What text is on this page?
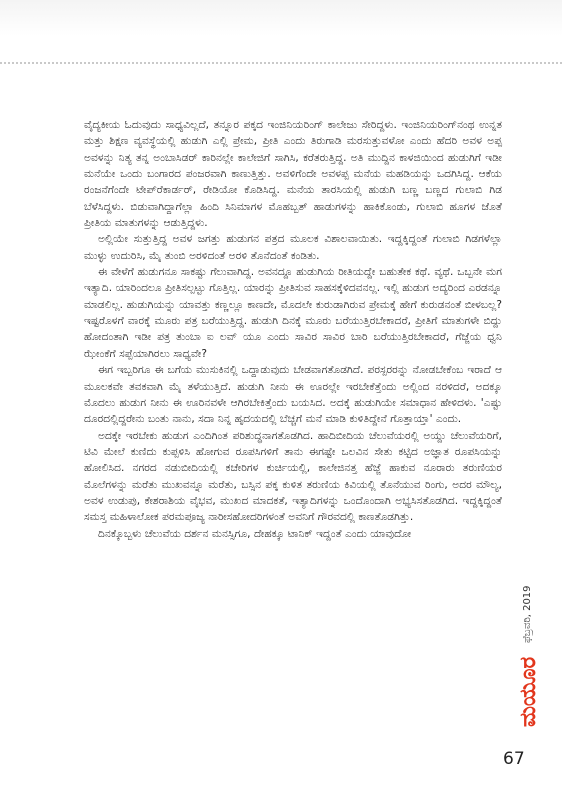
ವೈದ್ಯಕೀಯ ಓದುವುದು ಸಾಧ್ಯವಿಲ್ಲದೆ, ತನ್ನೂರ ಪಕ್ಕದ ಇಂಜಿನಿಯರಿಂಗ್ ಕಾಲೇಜು ಸೇರಿದ್ದಳು. ಇಂಜಿನಿಯರಿಂಗ್‌ನಂಥ ಉನ್ನತ ಮತ್ತು ಶಿಕ್ಷಣ ವ್ಯವಸ್ಥೆಯಲ್ಲಿ ಹುಡುಗಿ ಎಲ್ಲಿ ಪ್ರೇಮ, ಪ್ರೀತಿ ಎಂದು ತಿರುಗಾಡಿ ಮರಸುತ್ತುವಳೋ ಎಂದು ಹೆದರಿ ಅವಳ ಅಪ್ಪ ಅವಳನ್ನು ನಿತ್ಯ ತನ್ನ ಅಂಬಾಸಿಡರ್ ಕಾರಿನಲ್ಲೇ ಕಾಲೇಜಿಗೆ ಸಾಗಿಸಿ, ಕರೆತರುತ್ತಿದ್ದ. ಅತಿ ಮುದ್ದಿನ ಕಾಳಜಿಯಿಂದ ಹುಡುಗಿಗೆ ಇಡೀ ಮನೆಯೇ ಒಂದು ಬಂಗಾರದ ಪಂಜರವಾಗಿ ಕಾಣುತ್ತಿತ್ತು. ಅವಳಿಗೆಂದೇ ಅವಳಪ್ಪ ಮನೆಯ ಮಹಡಿಯನ್ನು ಒದಗಿಸಿದ್ದ. ಆಕೆಯ ರಂಜನೆಗೆಂದೇ ಟೇಪ್‌ರೆಕಾರ್ಡರ್, ರೇಡಿಯೋ ಕೊಡಿಸಿದ್ದ. ಮನೆಯ ತಾರಸಿಯಲ್ಲಿ ಹುಡುಗಿ ಬಣ್ಣ ಬಣ್ಣದ ಗುಲಾಬಿ ಗಿಡ ಬೆಳೆಸಿದ್ದಳು. ಬಿಡುವಾಗಿದ್ದಾಗೆಲ್ಲಾ ಹಿಂದಿ ಸಿನಿಮಾಗಳ ಮೊಹಬ್ಬತ್ ಹಾಡುಗಳನ್ನು ಹಾಕಿಕೊಂಡು, ಗುಲಾಬಿ ಹೂಗಳ ಜೊತೆ ಪ್ರೀತಿಯ ಮಾತುಗಳನ್ನು ಆಡುತ್ತಿದ್ದಳು.

ಅಲ್ಲಿಯೇ ಸುತ್ತುತ್ತಿದ್ದ ಅವಳ ಜಗತ್ತು ಹುಡುಗನ ಪತ್ರದ ಮೂಲಕ ವಿಶಾಲವಾಯಿತು. ಇದ್ದಕ್ಕಿದ್ದಂತೆ ಗುಲಾಬಿ ಗಿಡಗಳೆಲ್ಲಾ ಮುಳ್ಳು ಉದುರಿಸಿ, ಮೈ ತುಂಬಿ ಅರಳಿದಂತೆ ಅರಳಿ ತೊನೆದಂತೆ ಕಂಡಿತು.

ಈ ವೇಳೆಗೆ ಹುಡುಗನೂ ಸಾಕಷ್ಟು ಗೆಲುವಾಗಿದ್ದ. ಅವನದ್ದೂ ಹುಡುಗಿಯ ರೀತಿಯದ್ದೇ ಬಹುತೇಕ ಕಥೆ. ವ್ಯಥೆ. ಒಬ್ಬನೇ ಮಗ ಇತ್ಯಾದಿ. ಯಾರಿಂದಲೂ ಪ್ರೀತಿಸಲ್ಪಟ್ಟು ಗೊತ್ತಿಲ್ಲ. ಯಾರನ್ನು ಪ್ರೀತಿಸುವ ಸಾಹಸಕ್ಕೆಳಿದವನಲ್ಲ. ಇಲ್ಲಿ ಹುಡುಗ ಅದ್ಯರಿಂದ ಎರಡನ್ನೂ ಮಾಡಲಿಲ್ಲ. ಹುಡುಗಿಯನ್ನು ಯಾವತ್ತು ಕಣ್ಣಲ್ಲೂ ಕಾಣದೇ, ಮೊದಲೇ ಕುರುಡಾಗಿರುವ ಪ್ರೇಮಕ್ಕೆ ಹೇಗೆ ಕುರುಡನಂತೆ ಬೀಳಬಲ್ಲ? ಇಷ್ಟರೊಳಗೆ ವಾರಕ್ಕೆ ಮೂರು ಪತ್ರ ಬರೆಯುತ್ತಿದ್ದ. ಹುಡುಗಿ ದಿನಕ್ಕೆ ಮೂರು ಬರೆಯುತ್ತಿರಬೇಕಾದರೆ, ಪ್ರೀತಿಗೆ ಮಾತುಗಳೇ ಬಿದ್ದು ಹೋದಂತಾಗಿ ಇಡೀ ಪತ್ರ ತುಂಬಾ ಐ ಲವ್ ಯೂ ಎಂದು ಸಾವಿರ ಸಾವಿರ ಬಾರಿ ಬರೆಯುತ್ತಿರಬೇಕಾದರೆ, ಗೆಜ್ಜೆಯ ಧ್ವನಿ ಝೇಂಕೆಗೆ ಸಪ್ಪೆಯಾಗಿರಲು ಸಾಧ್ಯವೇ?

ಈಗ ಇಬ್ಬರಿಗೂ ಈ ಬಗೆಯ ಮುಸುಕಿನಲ್ಲಿ ಒದ್ದಾಡುವುದು ಬೇಡವಾಗತೊಡಗಿದೆ. ಪರಸ್ಪರರನ್ನು ನೋಡಬೇಕೆಂಬ ಇರಾದೆ ಆ ಮೂಲಕವೇ ತವಕವಾಗಿ ಮೈ ತಳೆಯುತ್ತಿದೆ. ಹುಡುಗಿ ನೀನು ಈ ಊರಲ್ಲೇ ಇರಬೇಕೆತ್ತೆಂದು ಅಲ್ಲಿಂದ ನರಳಿದರೆ, ಅದಕ್ಕೂ ಮೊದಲು ಹುಡುಗ ನೀನು ಈ ಊರಿನವಳೇ ಆಗಿರಬೇಕಿತ್ತೆಂದು ಬಯಸಿದ. ಅದಕ್ಕೆ ಹುಡುಗಿಯೇ ಸಮಾಧಾನ ಹೇಳಿದಳು. 'ಎಷ್ಟು ದೂರದಲ್ಲಿದ್ದರೇನು ಬಂತು ನಾನು, ಸದಾ ನಿನ್ನ ಹೃದಯದಲ್ಲಿ ಬೆಚ್ಚಗೆ ಮನೆ ಮಾಡಿ ಕುಳಿತಿದ್ದೇನೆ ಗೊತ್ತಾಯ್ತಾ' ಎಂದು.

ಅದಕ್ಕೇ ಇರಬೇಕು ಹುಡುಗ ಎಂದಿಗಿಂತ ಪರಿಶುದ್ಧನಾಗತೊಡಗಿದ. ಹಾದಿಬೀದಿಯ ಚೆಲುವೆಯರಲ್ಲಿ ಅಯ್ದು ಚೆಲುವೆಯರಿಗೆ, ಟಿವಿ ಮೇಲೆ ಕುಣಿದು ಕುಪ್ಪಳಿಸಿ ಹೋಗುವ ರೂಪಸಿಗಳಿಗೆ ತಾನು ಈಗಷ್ಟೇ ಒಲವಿನ ಸೇತು ಕಟ್ಟಿದ ಅಜ್ಞಾತ ರೂಪಸಿಯನ್ನು ಹೋಲಿಸಿದ. ನಗರದ ನಡುಬೀದಿಯಲ್ಲಿ ಕಚೇರಿಗಳ ಕುರ್ಚಿಯಲ್ಲಿ, ಕಾಲೇಜಿನತ್ತ ಹೆಜ್ಜೆ ಹಾಕುವ ನೂರಾರು ತರುಣಿಯರ ಮೊಲೆಗಳನ್ನು ಮರೆತು ಮುಖವನ್ನೂ ಮರೆತು, ಬಸ್ಸಿನ ಪಕ್ಕ ಕುಳಿತ ತರುಣಿಯ ಕಿವಿಯಲ್ಲಿ ತೊನೆಯುವ ರಿಂಗು, ಅದರ ಮೌಲ್ಯ, ಅವಳ ಉಡುಪು, ಕೇಶರಾಶಿಯ ವೈಭವ, ಮುಖದ ಮಾದಕತೆ, ಇತ್ಯಾದಿಗಳನ್ನು ಒಂದೊಂದಾಗಿ ಅಭ್ಯಸಿಸತೊಡಗಿದ. ಇದ್ದಕ್ಕಿದ್ದಂತೆ ಸಮಸ್ತ ಮಹಿಳಾಲೋಕ ಪರಮಪೂಜ್ಯ ನಾರೀಸಹೋದರಿಗಳಂತೆ ಅವನಿಗೆ ಗೌರವದಲ್ಲಿ ಕಾಣತೊಡಗಿತ್ತು.

ದಿನಕ್ಕೊಬ್ಬಳು ಚೆಲುವೆಯ ದರ್ಶನ ಮನಸ್ಸಿಗೂ, ದೇಹಕ್ಕೂ ಟಾನಿಕ್ ಇದ್ದಂತೆ ಎಂದು ಯಾವುದೋ

ಫೆಬ್ರವರಿ, 2019
ಮಯೂರ
67
